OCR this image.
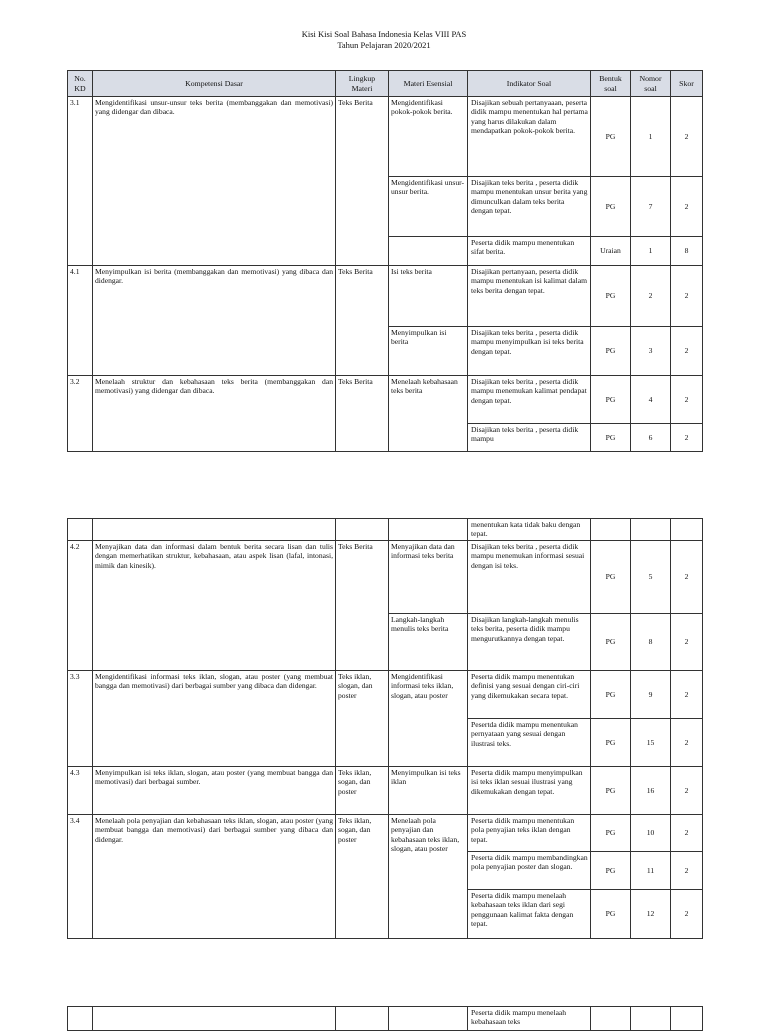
Kisi Kisi Soal Bahasa Indonesia Kelas VIII PAS
Tahun Pelajaran 2020/2021
No. KD	Kompetensi Dasar	Lingkup Materi	Materi Esensial	Indikator Soal	Bentuk soal	Nomor soal	Skor
3.1	Mengidentifikasi unsur-unsur teks berita (membanggakan dan memotivasi) yang didengar dan dibaca.	Teks Berita	Mengidentifikasi pokok-pokok berita.	Disajikan sebuah pertanyaaan, peserta didik mampu menentukan hal pertama yang harus dilakukan dalam mendapatkan pokok-pokok berita.	PG	1	2
			Mengidentifikasi unsur-unsur berita.	Disajikan teks berita , peserta didik mampu menentukan unsur berita yang dimunculkan dalam teks berita dengan tepat.	PG	7	2
				Peserta didik mampu menentukan sifat berita.	Uraian	1	8
4.1	Menyimpulkan isi berita (membanggakan dan memotivasi) yang dibaca dan didengar.	Teks Berita	Isi teks berita	Disajikan pertanyaan, peserta didik mampu menentukan isi kalimat dalam teks berita dengan tepat.	PG	2	2
			Menyimpulkan isi berita	Disajikan teks berita , peserta didik mampu menyimpulkan isi teks berita dengan tepat.	PG	3	2
3.2	Menelaah struktur dan kebahasaan teks berita (membanggakan dan memotivasi) yang didengar dan dibaca.	Teks Berita	Menelaah kebahasaan teks berita	Disajikan teks berita , peserta didik mampu menemukan kalimat pendapat dengan tepat.	PG	4	2
				Disajikan teks berita , peserta didik mampu	PG	6	2
				menentukan kata tidak baku dengan tepat.			
4.2	Menyajikan data dan informasi dalam bentuk berita secara lisan dan tulis dengan memerhatikan struktur, kebahasaan, atau aspek lisan (lafal, intonasi, mimik dan kinesik).	Teks Berita	Menyajikan data dan informasi teks berita	Disajikan teks berita , peserta didik mampu menemukan informasi sesuai dengan isi teks.	PG	5	2
			Langkah-langkah menulis teks berita	Disajikan langkah-langkah menulis teks berita, peserta didik mampu mengurutkannya dengan tepat.	PG	8	2
3.3	Mengidentifikasi informasi teks iklan, slogan, atau poster (yang membuat bangga dan memotivasi) dari berbagai sumber yang dibaca dan didengar.	Teks iklan, slogan, dan poster	Mengidentifikasi informasi teks iklan, slogan, atau poster	Peserta didik mampu menentukan definisi yang sesuai dengan ciri-ciri yang dikemukakan secara tepat.	PG	9	2
				Pesertda didik mampu menentukan pernyataan yang sesuai dengan ilustrasi teks.	PG	15	2
4.3	Menyimpulkan isi teks iklan, slogan, atau poster (yang membuat bangga dan memotivasi) dari berbagai sumber.	Teks iklan, sogan, dan poster	Menyimpulkan isi teks iklan	Peserta didik mampu menyimpulkan isi teks iklan sesuai ilustrasi yang dikemukakan dengan tepat.	PG	16	2
3.4	Menelaah pola penyajian dan kebahasaan teks iklan, slogan, atau poster (yang membuat bangga dan memotivasi) dari berbagai sumber yang dibaca dan didengar.	Teks iklan, sogan, dan poster	Menelaah pola penyajian dan kebahasaan teks iklan, slogan, atau poster	Peserta didik mampu menentukan pola penyajian teks iklan dengan tepat.	PG	10	2
				Peserta didik mampu membandingkan pola penyajian poster dan slogan.	PG	11	2
				Peserta didik mampu menelaah kebahasaan teks iklan dari segi penggunaan kalimat fakta dengan tepat.	PG	12	2
				Peserta didik mampu menelaah kebahasaan teks			
